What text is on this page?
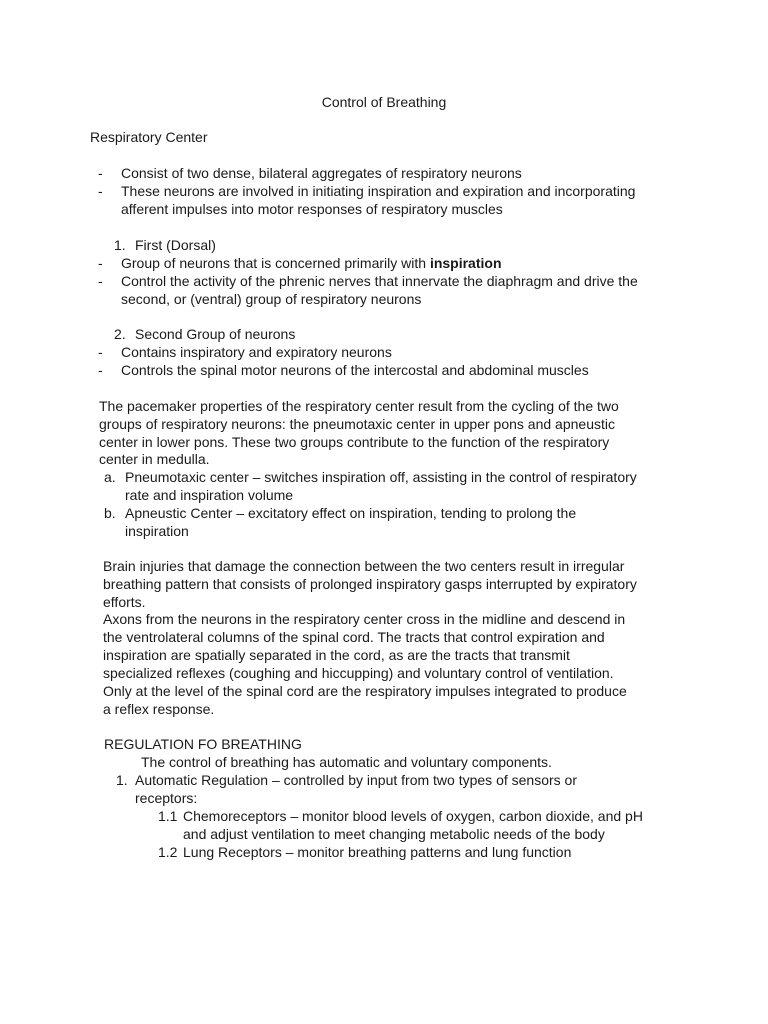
Control of Breathing
Respiratory Center
- Consist of two dense, bilateral aggregates of respiratory neurons
- These neurons are involved in initiating inspiration and expiration and incorporating
afferent impulses into motor responses of respiratory muscles
1. First (Dorsal)
- Group of neurons that is concerned primarily with inspiration
- Control the activity of the phrenic nerves that innervate the diaphragm and drive the
second, or (ventral) group of respiratory neurons
2. Second Group of neurons
- Contains inspiratory and expiratory neurons
- Controls the spinal motor neurons of the intercostal and abdominal muscles
The pacemaker properties of the respiratory center result from the cycling of the two
groups of respiratory neurons: the pneumotaxic center in upper pons and apneustic
center in lower pons. These two groups contribute to the function of the respiratory
center in medulla.
a. Pneumotaxic center – switches inspiration off, assisting in the control of respiratory
rate and inspiration volume
b. Apneustic Center – excitatory effect on inspiration, tending to prolong the
inspiration
Brain injuries that damage the connection between the two centers result in irregular
breathing pattern that consists of prolonged inspiratory gasps interrupted by expiratory
efforts.
Axons from the neurons in the respiratory center cross in the midline and descend in
the ventrolateral columns of the spinal cord. The tracts that control expiration and
inspiration are spatially separated in the cord, as are the tracts that transmit
specialized reflexes (coughing and hiccupping) and voluntary control of ventilation.
Only at the level of the spinal cord are the respiratory impulses integrated to produce
a reflex response.
REGULATION FO BREATHING
The control of breathing has automatic and voluntary components.
1. Automatic Regulation – controlled by input from two types of sensors or
receptors:
1.1 Chemoreceptors – monitor blood levels of oxygen, carbon dioxide, and pH
and adjust ventilation to meet changing metabolic needs of the body
1.2 Lung Receptors – monitor breathing patterns and lung function
